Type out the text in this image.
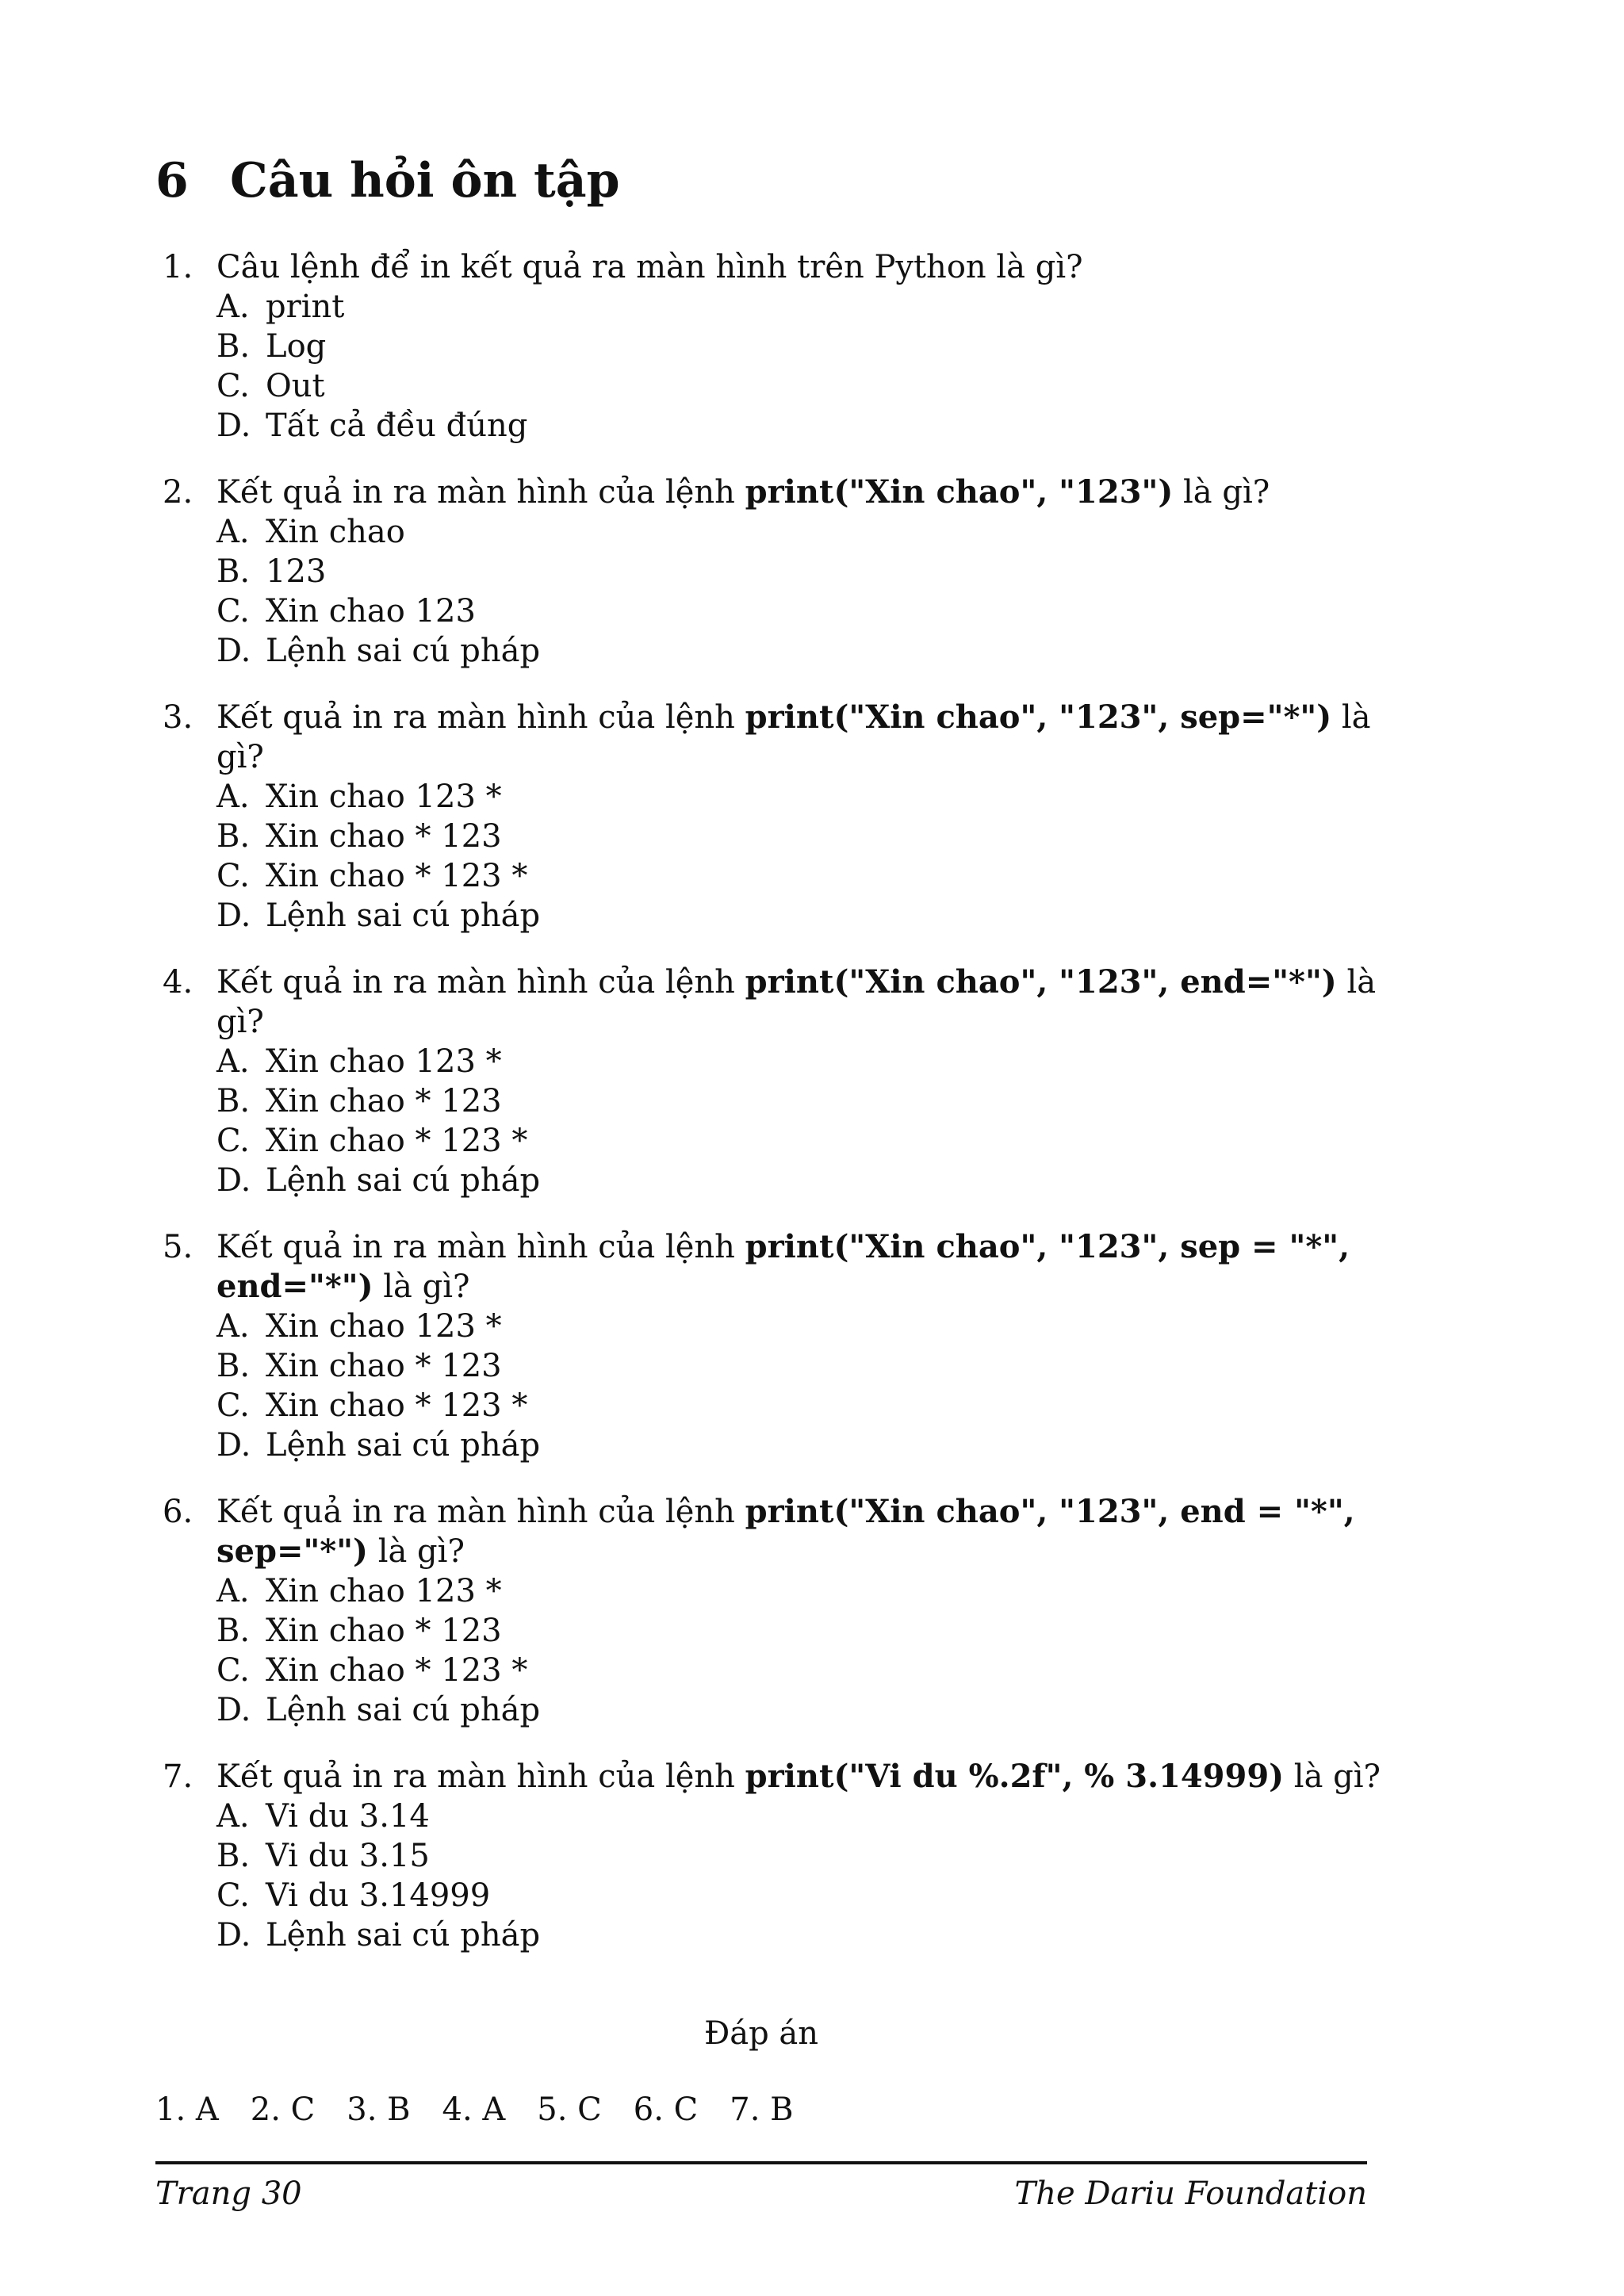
6 Câu hỏi ôn tập
1. Câu lệnh để in kết quả ra màn hình trên Python là gì?
A. print
B. Log
C. Out
D. Tất cả đều đúng
2. Kết quả in ra màn hình của lệnh print("Xin chao", "123") là gì?
A. Xin chao
B. 123
C. Xin chao 123
D. Lệnh sai cú pháp
3. Kết quả in ra màn hình của lệnh print("Xin chao", "123", sep="*") là gì?
A. Xin chao 123 *
B. Xin chao * 123
C. Xin chao * 123 *
D. Lệnh sai cú pháp
4. Kết quả in ra màn hình của lệnh print("Xin chao", "123", end="*") là gì?
A. Xin chao 123 *
B. Xin chao * 123
C. Xin chao * 123 *
D. Lệnh sai cú pháp
5. Kết quả in ra màn hình của lệnh print("Xin chao", "123", sep = "*", end="*") là gì?
A. Xin chao 123 *
B. Xin chao * 123
C. Xin chao * 123 *
D. Lệnh sai cú pháp
6. Kết quả in ra màn hình của lệnh print("Xin chao", "123", end = "*", sep="*") là gì?
A. Xin chao 123 *
B. Xin chao * 123
C. Xin chao * 123 *
D. Lệnh sai cú pháp
7. Kết quả in ra màn hình của lệnh print("Vi du %.2f", % 3.14999) là gì?
A. Vi du 3.14
B. Vi du 3.15
C. Vi du 3.14999
D. Lệnh sai cú pháp
Đáp án
1. A 2. C 3. B 4. A 5. C 6. C 7. B
Trang 30	The Dariu Foundation
